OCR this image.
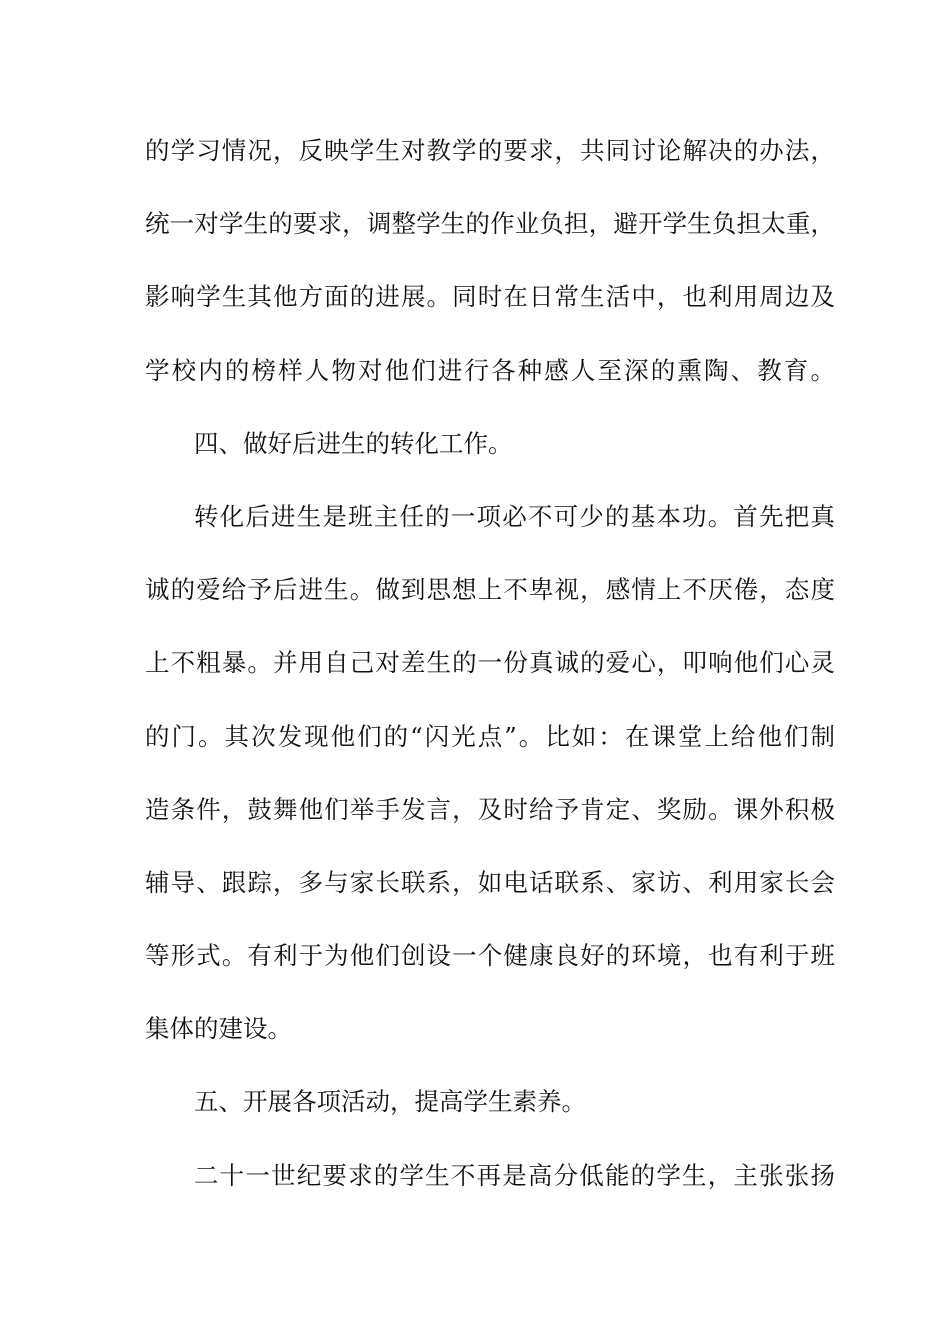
的学习情况，反映学生对教学的要求，共同讨论解决的办法，
统一对学生的要求，调整学生的作业负担，避开学生负担太重，
影响学生其他方面的进展。同时在日常生活中，也利用周边及
学校内的榜样人物对他们进行各种感人至深的熏陶、教育。
四、做好后进生的转化工作。
转化后进生是班主任的一项必不可少的基本功。首先把真
诚的爱给予后进生。做到思想上不卑视，感情上不厌倦，态度
上不粗暴。并用自己对差生的一份真诚的爱心，叩响他们心灵
的门。其次发现他们的“闪光点”。比如：在课堂上给他们制
造条件，鼓舞他们举手发言，及时给予肯定、奖励。课外积极
辅导、跟踪，多与家长联系，如电话联系、家访、利用家长会
等形式。有利于为他们创设一个健康良好的环境，也有利于班
集体的建设。
五、开展各项活动，提高学生素养。
二十一世纪要求的学生不再是高分低能的学生，主张张扬
